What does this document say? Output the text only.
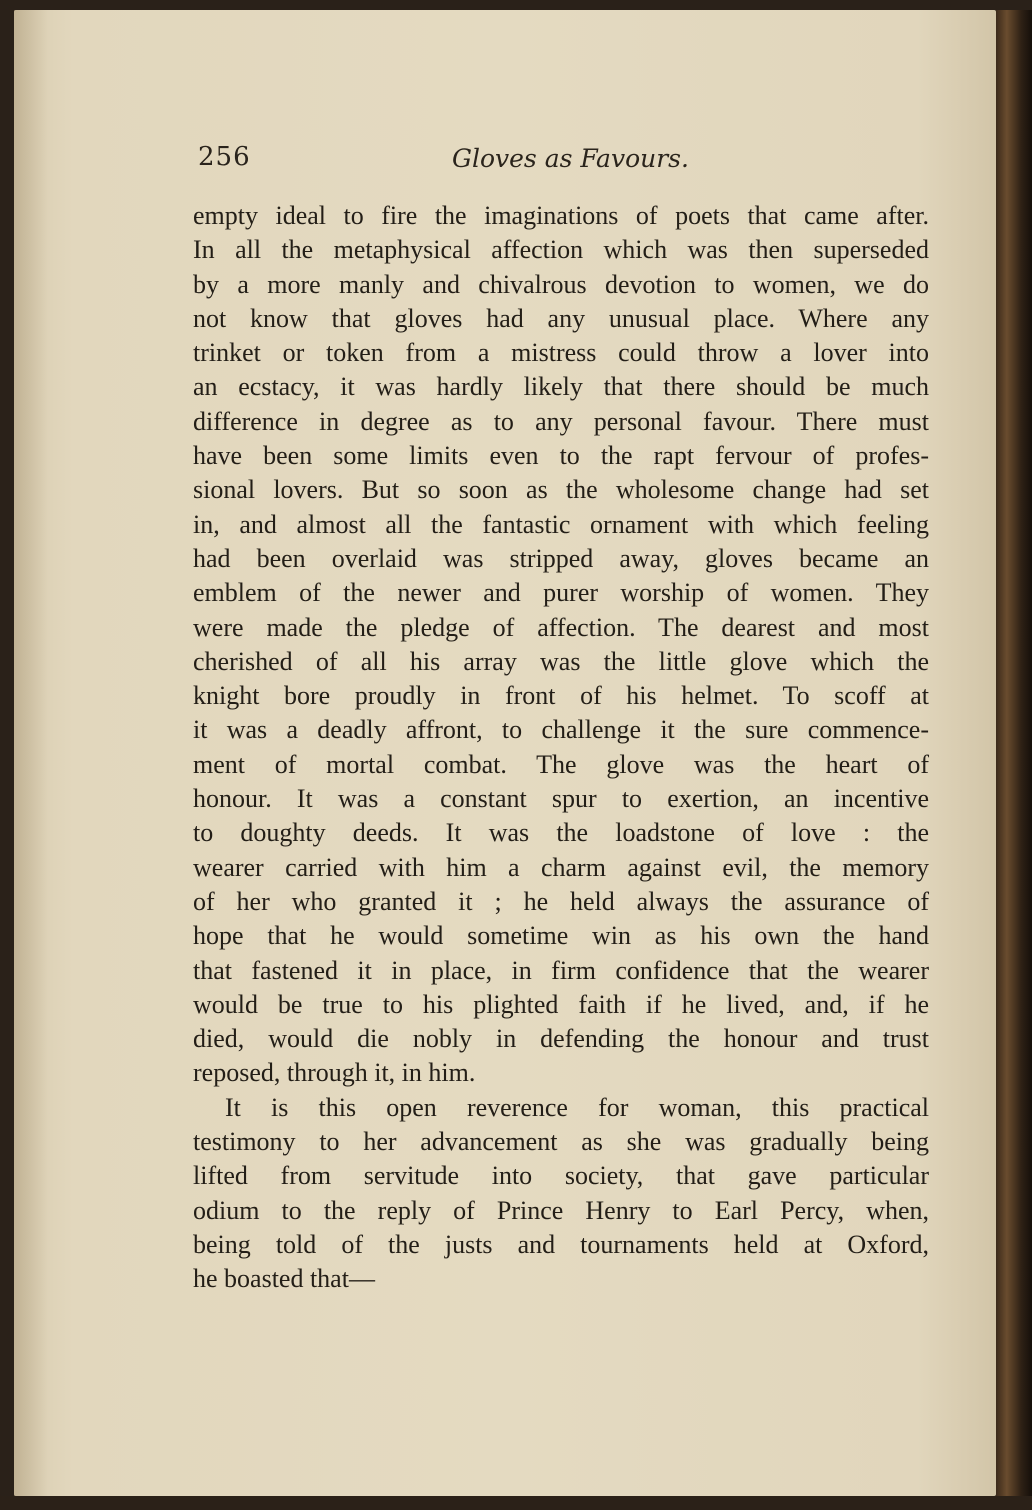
256	Gloves as Favours.
empty ideal to fire the imaginations of poets that came after.
In all the metaphysical affection which was then superseded
by a more manly and chivalrous devotion to women, we do
not know that gloves had any unusual place. Where any
trinket or token from a mistress could throw a lover into
an ecstacy, it was hardly likely that there should be much
difference in degree as to any personal favour. There must
have been some limits even to the rapt fervour of profes-
sional lovers. But so soon as the wholesome change had set
in, and almost all the fantastic ornament with which feeling
had been overlaid was stripped away, gloves became an
emblem of the newer and purer worship of women. They
were made the pledge of affection. The dearest and most
cherished of all his array was the little glove which the
knight bore proudly in front of his helmet. To scoff at
it was a deadly affront, to challenge it the sure commence-
ment of mortal combat. The glove was the heart of
honour. It was a constant spur to exertion, an incentive
to doughty deeds. It was the loadstone of love : the
wearer carried with him a charm against evil, the memory
of her who granted it ; he held always the assurance of
hope that he would sometime win as his own the hand
that fastened it in place, in firm confidence that the wearer
would be true to his plighted faith if he lived, and, if he
died, would die nobly in defending the honour and trust
reposed, through it, in him.
It is this open reverence for woman, this practical
testimony to her advancement as she was gradually being
lifted from servitude into society, that gave particular
odium to the reply of Prince Henry to Earl Percy, when,
being told of the justs and tournaments held at Oxford,
he boasted that—
